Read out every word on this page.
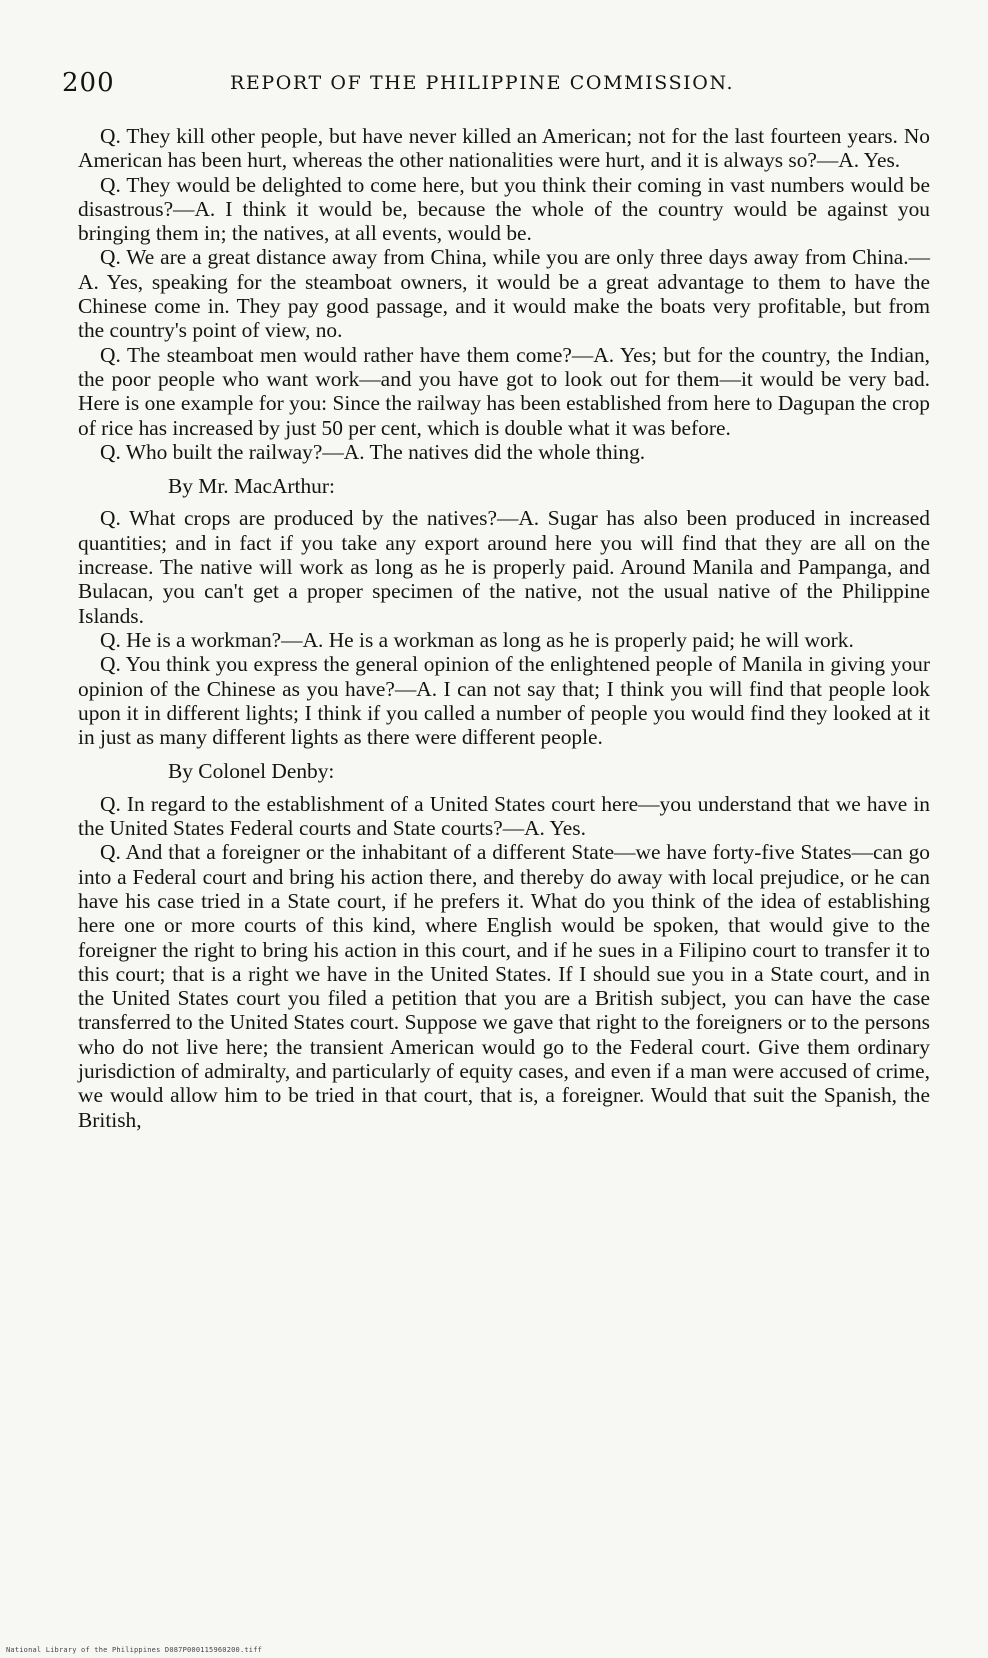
200	REPORT OF THE PHILIPPINE COMMISSION.

Q. They kill other people, but have never killed an American; not for the last fourteen years. No American has been hurt, whereas the other nationalities were hurt, and it is always so?—A. Yes.

Q. They would be delighted to come here, but you think their coming in vast numbers would be disastrous?—A. I think it would be, because the whole of the country would be against you bringing them in; the natives, at all events, would be.

Q. We are a great distance away from China, while you are only three days away from China.—A. Yes, speaking for the steamboat owners, it would be a great advantage to them to have the Chinese come in. They pay good passage, and it would make the boats very profitable, but from the country's point of view, no.

Q. The steamboat men would rather have them come?—A. Yes; but for the country, the Indian, the poor people who want work—and you have got to look out for them—it would be very bad. Here is one example for you: Since the railway has been established from here to Dagupan the crop of rice has increased by just 50 per cent, which is double what it was before.

Q. Who built the railway?—A. The natives did the whole thing.

By Mr. MacArthur:

Q. What crops are produced by the natives?—A. Sugar has also been produced in increased quantities; and in fact if you take any export around here you will find that they are all on the increase. The native will work as long as he is properly paid. Around Manila and Pampanga, and Bulacan, you can't get a proper specimen of the native, not the usual native of the Philippine Islands.

Q. He is a workman?—A. He is a workman as long as he is properly paid; he will work.

Q. You think you express the general opinion of the enlightened people of Manila in giving your opinion of the Chinese as you have?—A. I can not say that; I think you will find that people look upon it in different lights; I think if you called a number of people you would find they looked at it in just as many different lights as there were different people.

By Colonel Denby:

Q. In regard to the establishment of a United States court here—you understand that we have in the United States Federal courts and State courts?—A. Yes.

Q. And that a foreigner or the inhabitant of a different State—we have forty-five States—can go into a Federal court and bring his action there, and thereby do away with local prejudice, or he can have his case tried in a State court, if he prefers it. What do you think of the idea of establishing here one or more courts of this kind, where English would be spoken, that would give to the foreigner the right to bring his action in this court, and if he sues in a Filipino court to transfer it to this court; that is a right we have in the United States. If I should sue you in a State court, and in the United States court you filed a petition that you are a British subject, you can have the case transferred to the United States court. Suppose we gave that right to the foreigners or to the persons who do not live here; the transient American would go to the Federal court. Give them ordinary jurisdiction of admiralty, and particularly of equity cases, and even if a man were accused of crime, we would allow him to be tried in that court, that is, a foreigner. Would that suit the Spanish, the British,

National Library of the Philippines D087P000115960200.tiff
